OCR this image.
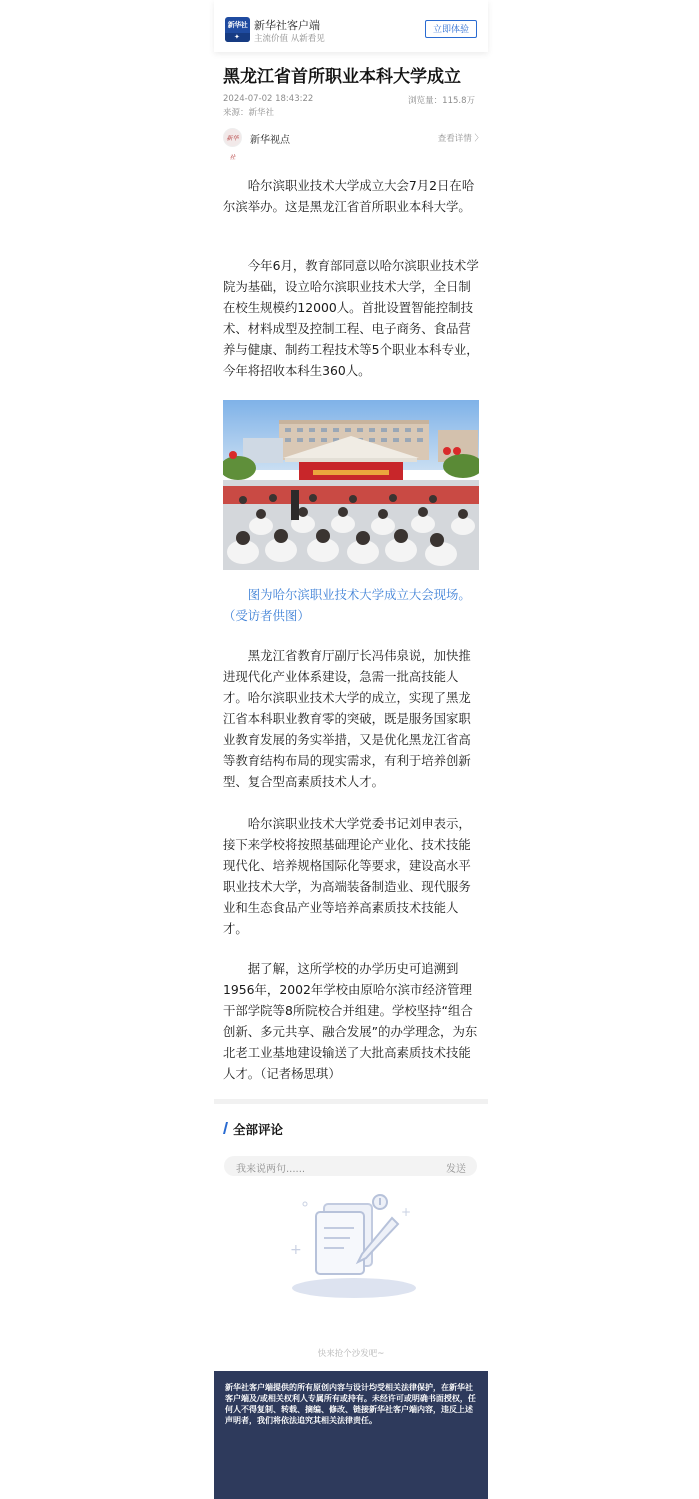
新华社
✦
新华社客户端
主流价值 从新看见
立即体验
黑龙江省首所职业本科大学成立
2024-07-02 18:43:22	浏览量：115.8万
来源：新华社
新华社
新华视点	查看详情 〉

哈尔滨职业技术大学成立大会7月2日在哈尔滨举办。这是黑龙江省首所职业本科大学。

今年6月，教育部同意以哈尔滨职业技术学院为基础，设立哈尔滨职业技术大学，全日制在校生规模约12000人。首批设置智能控制技术、材料成型及控制工程、电子商务、食品营养与健康、制药工程技术等5个职业本科专业，今年将招收本科生360人。

图为哈尔滨职业技术大学成立大会现场。（受访者供图）

黑龙江省教育厅副厅长冯伟泉说，加快推进现代化产业体系建设，急需一批高技能人才。哈尔滨职业技术大学的成立，实现了黑龙江省本科职业教育零的突破，既是服务国家职业教育发展的务实举措，又是优化黑龙江省高等教育结构布局的现实需求，有利于培养创新型、复合型高素质技术人才。

哈尔滨职业技术大学党委书记刘申表示，接下来学校将按照基础理论产业化、技术技能现代化、培养规格国际化等要求，建设高水平职业技术大学，为高端装备制造业、现代服务业和生态食品产业等培养高素质技术技能人才。

据了解，这所学校的办学历史可追溯到1956年，2002年学校由原哈尔滨市经济管理干部学院等8所院校合并组建。学校坚持“组合创新、多元共享、融合发展”的办学理念，为东北老工业基地建设输送了大批高素质技术技能人才。（记者杨思琪）

全部评论
我来说两句......	发送
+
+
快来抢个沙发吧~

新华社客户端提供的所有原创内容与设计均受相关法律保护，在新华社客户端及/或相关权利人专属所有或持有。未经许可或明确书面授权，任何人不得复制、转载、摘编、修改、链接新华社客户端内容，违反上述声明者，我们将依法追究其相关法律责任。
